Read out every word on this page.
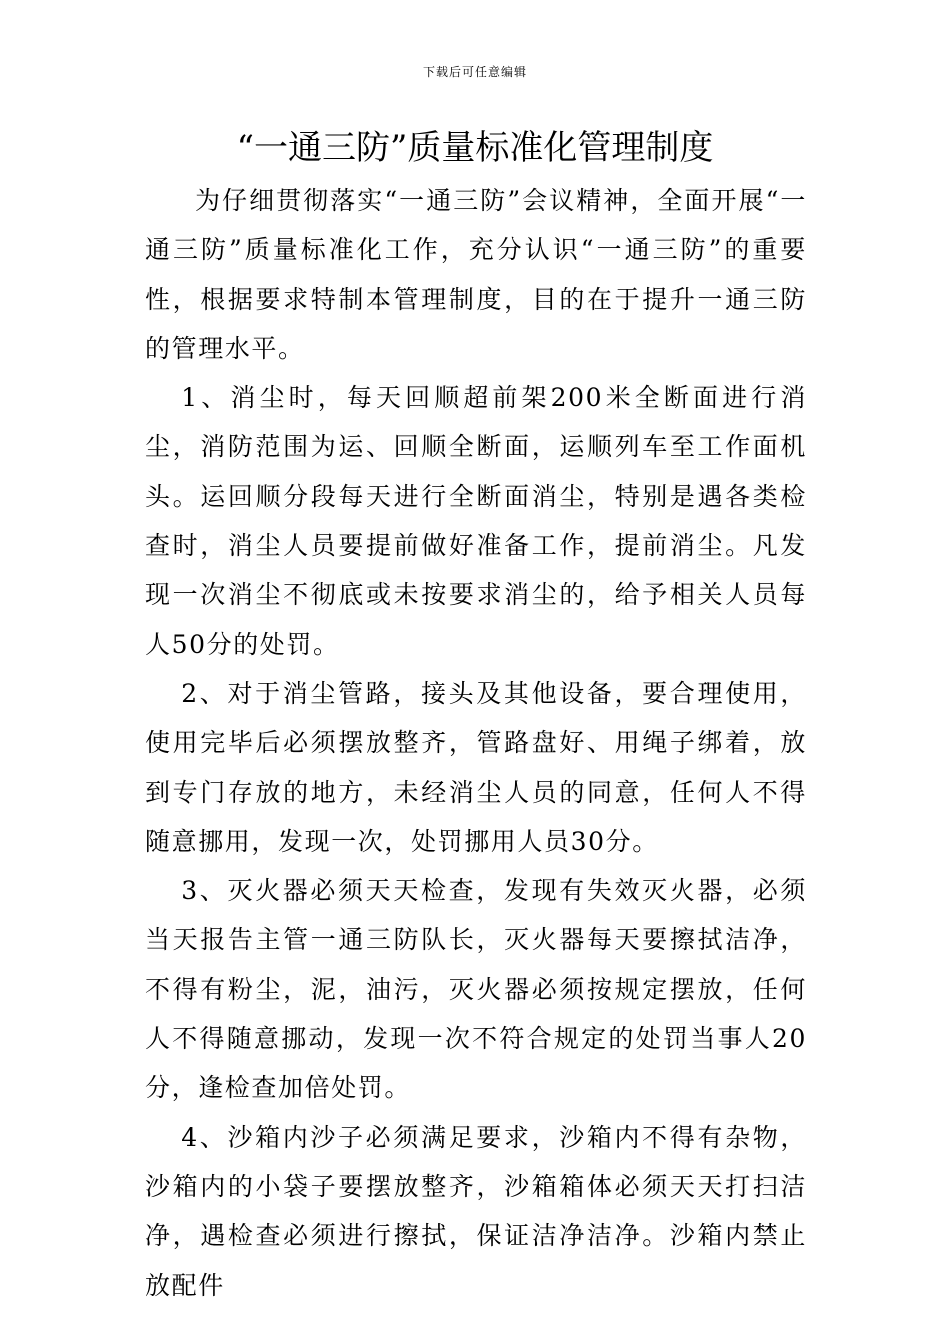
下载后可任意编辑
“一通三防”质量标准化管理制度

为仔细贯彻落实“一通三防”会议精神，全面开展“一通三防”质量标准化工作，充分认识“一通三防”的重要性，根据要求特制本管理制度，目的在于提升一通三防的管理水平。

1、消尘时，每天回顺超前架200米全断面进行消尘，消防范围为运、回顺全断面，运顺列车至工作面机头。运回顺分段每天进行全断面消尘，特别是遇各类检查时，消尘人员要提前做好准备工作，提前消尘。凡发现一次消尘不彻底或未按要求消尘的，给予相关人员每人50分的处罚。

2、对于消尘管路，接头及其他设备，要合理使用，使用完毕后必须摆放整齐，管路盘好、用绳子绑着，放到专门存放的地方，未经消尘人员的同意，任何人不得随意挪用，发现一次，处罚挪用人员30分。

3、灭火器必须天天检查，发现有失效灭火器，必须当天报告主管一通三防队长，灭火器每天要擦拭洁净，不得有粉尘，泥，油污，灭火器必须按规定摆放，任何人不得随意挪动，发现一次不符合规定的处罚当事人20分，逢检查加倍处罚。

4、沙箱内沙子必须满足要求，沙箱内不得有杂物，沙箱内的小袋子要摆放整齐，沙箱箱体必须天天打扫洁净，遇检查必须进行擦拭，保证洁净洁净。沙箱内禁止放配件
